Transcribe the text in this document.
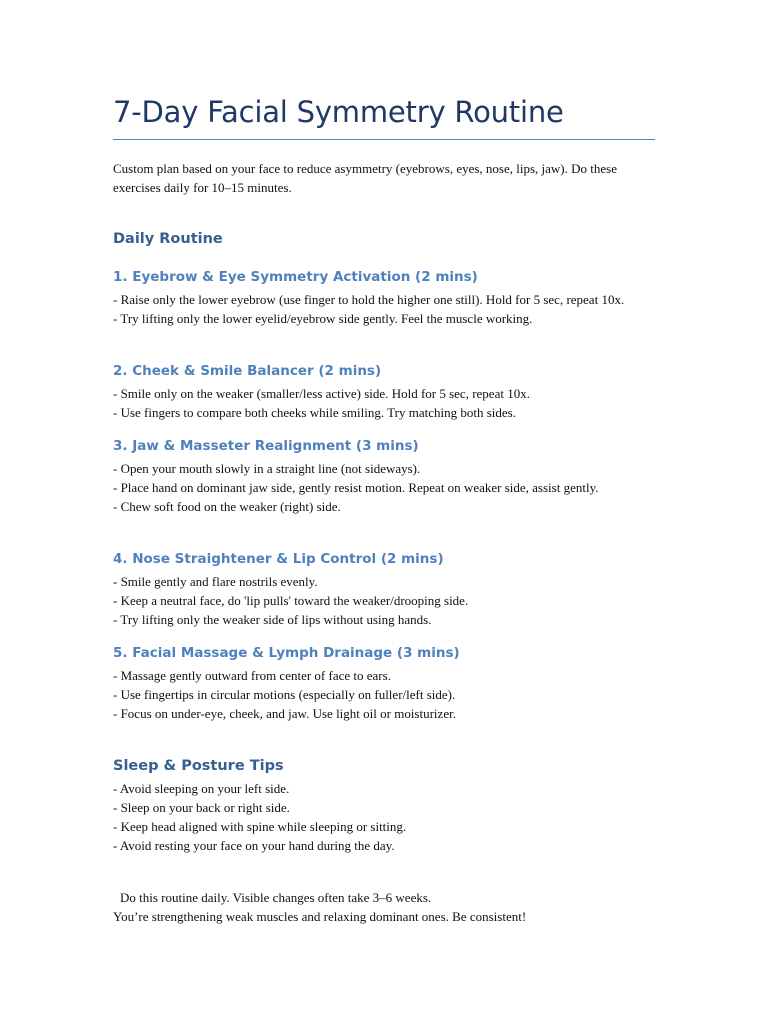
7-Day Facial Symmetry Routine
Custom plan based on your face to reduce asymmetry (eyebrows, eyes, nose, lips, jaw). Do these exercises daily for 10–15 minutes.
Daily Routine
1. Eyebrow & Eye Symmetry Activation (2 mins)
- Raise only the lower eyebrow (use finger to hold the higher one still). Hold for 5 sec, repeat 10x.
- Try lifting only the lower eyelid/eyebrow side gently. Feel the muscle working.
2. Cheek & Smile Balancer (2 mins)
- Smile only on the weaker (smaller/less active) side. Hold for 5 sec, repeat 10x.
- Use fingers to compare both cheeks while smiling. Try matching both sides.
3. Jaw & Masseter Realignment (3 mins)
- Open your mouth slowly in a straight line (not sideways).
- Place hand on dominant jaw side, gently resist motion. Repeat on weaker side, assist gently.
- Chew soft food on the weaker (right) side.
4. Nose Straightener & Lip Control (2 mins)
- Smile gently and flare nostrils evenly.
- Keep a neutral face, do 'lip pulls' toward the weaker/drooping side.
- Try lifting only the weaker side of lips without using hands.
5. Facial Massage & Lymph Drainage (3 mins)
- Massage gently outward from center of face to ears.
- Use fingertips in circular motions (especially on fuller/left side).
- Focus on under-eye, cheek, and jaw. Use light oil or moisturizer.
Sleep & Posture Tips
- Avoid sleeping on your left side.
- Sleep on your back or right side.
- Keep head aligned with spine while sleeping or sitting.
- Avoid resting your face on your hand during the day.
Do this routine daily. Visible changes often take 3–6 weeks.
You’re strengthening weak muscles and relaxing dominant ones. Be consistent!
